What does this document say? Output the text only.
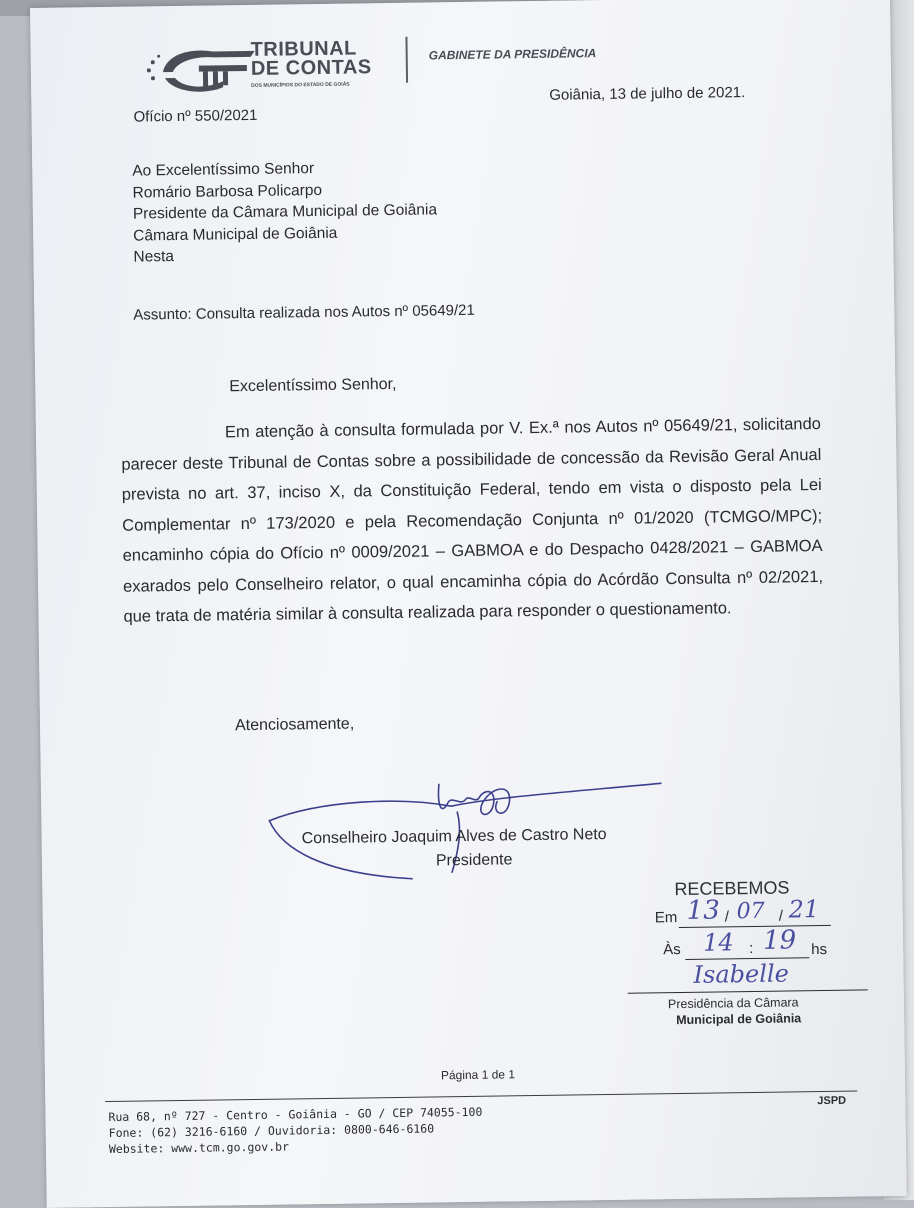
TRIBUNAL
DE CONTAS
DOS MUNICÍPIOS DO ESTADO DE GOIÁS
GABINETE DA PRESIDÊNCIA
Ofício nº 550/2021
Goiânia, 13 de julho de 2021.
Ao Excelentíssimo Senhor
Romário Barbosa Policarpo
Presidente da Câmara Municipal de Goiânia
Câmara Municipal de Goiânia
Nesta
Assunto: Consulta realizada nos Autos nº 05649/21
Excelentíssimo Senhor,
Em atenção à consulta formulada por V. Ex.ª nos Autos nº 05649/21, solicitando parecer deste Tribunal de Contas sobre a possibilidade de concessão da Revisão Geral Anual prevista no art. 37, inciso X, da Constituição Federal, tendo em vista o disposto pela Lei Complementar nº 173/2020 e pela Recomendação Conjunta nº 01/2020 (TCMGO/MPC); encaminho cópia do Ofício nº 0009/2021 – GABMOA e do Despacho 0428/2021 – GABMOA exarados pelo Conselheiro relator, o qual encaminha cópia do Acórdão Consulta nº 02/2021, que trata de matéria similar à consulta realizada para responder o questionamento.
Atenciosamente,
Conselheiro Joaquim Alves de Castro Neto
Presidente
RECEBEMOS
Em 13 / 07 / 21
Às 14 : 19 hs
Isabelle
Presidência da Câmara
Municipal de Goiânia
Página 1 de 1
JSPD
Rua 68, nº 727 - Centro - Goiânia - GO / CEP 74055-100
Fone: (62) 3216-6160 / Ouvidoria: 0800-646-6160
Website: www.tcm.go.gov.br
